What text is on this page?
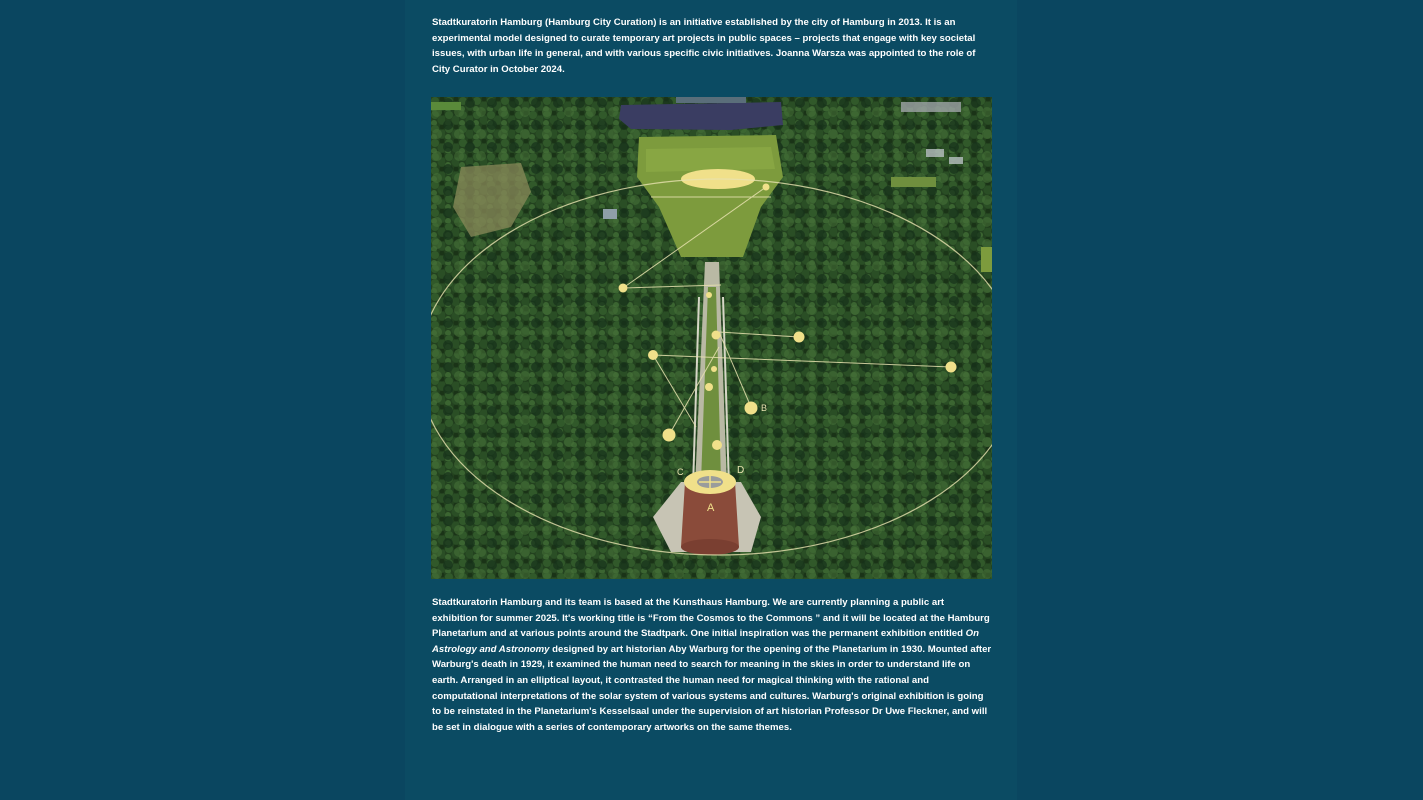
Stadtkuratorin Hamburg (Hamburg City Curation) is an initiative established by the city of Hamburg in 2013. It is an experimental model designed to curate temporary art projects in public spaces – projects that engage with key societal issues, with urban life in general, and with various specific civic initiatives. Joanna Warsza was appointed to the role of City Curator in October 2024.

A
B
C	D

Stadtkuratorin Hamburg and its team is based at the Kunsthaus Hamburg. We are currently planning a public art exhibition for summer 2025. It's working title is “From the Cosmos to the Commons ” and it will be located at the Hamburg Planetarium and at various points around the Stadtpark. One initial inspiration was the permanent exhibition entitled On Astrology and Astronomy designed by art historian Aby Warburg for the opening of the Planetarium in 1930. Mounted after Warburg's death in 1929, it examined the human need to search for meaning in the skies in order to understand life on earth. Arranged in an elliptical layout, it contrasted the human need for magical thinking with the rational and computational interpretations of the solar system of various systems and cultures. Warburg's original exhibition is going to be reinstated in the Planetarium's Kesselsaal under the supervision of art historian Professor Dr Uwe Fleckner, and will be set in dialogue with a series of contemporary artworks on the same themes.
